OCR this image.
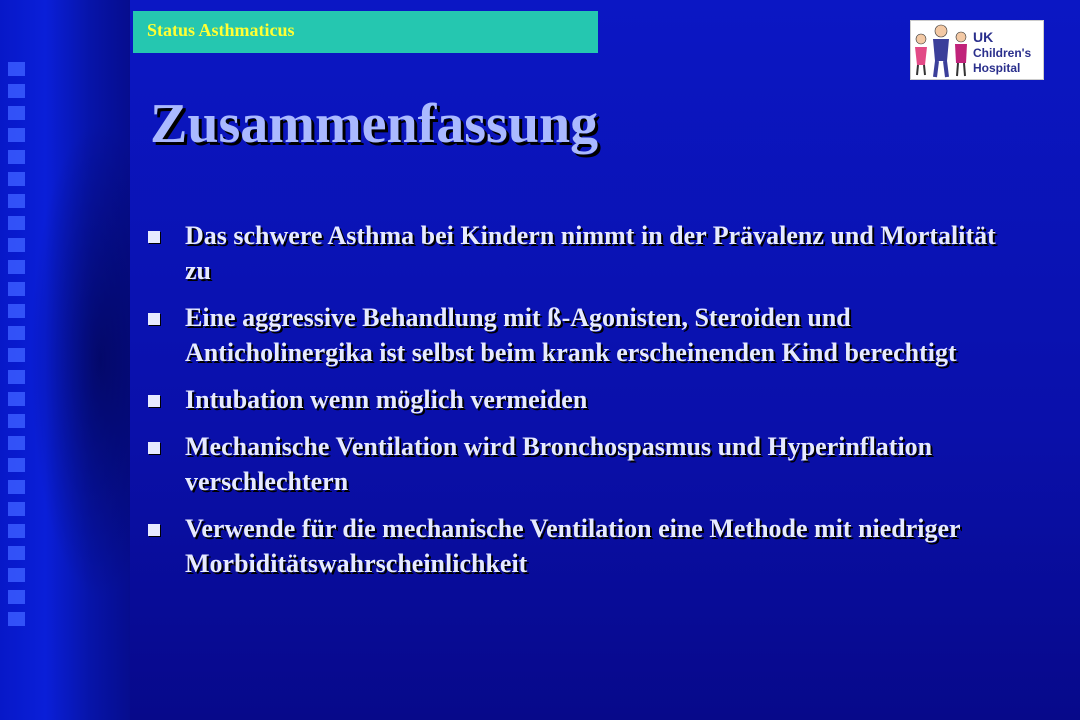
Status Asthmaticus	UK
Children's
Hospital
Zusammenfassung
Das schwere Asthma bei Kindern nimmt in der Prävalenz und Mortalität zu
Eine aggressive Behandlung mit ß-Agonisten, Steroiden und Anticholinergika ist selbst beim krank erscheinenden Kind berechtigt
Intubation wenn möglich vermeiden
Mechanische Ventilation wird Bronchospasmus und Hyperinflation verschlechtern
Verwende für die mechanische Ventilation eine Methode mit niedriger Morbiditätswahrscheinlichkeit
